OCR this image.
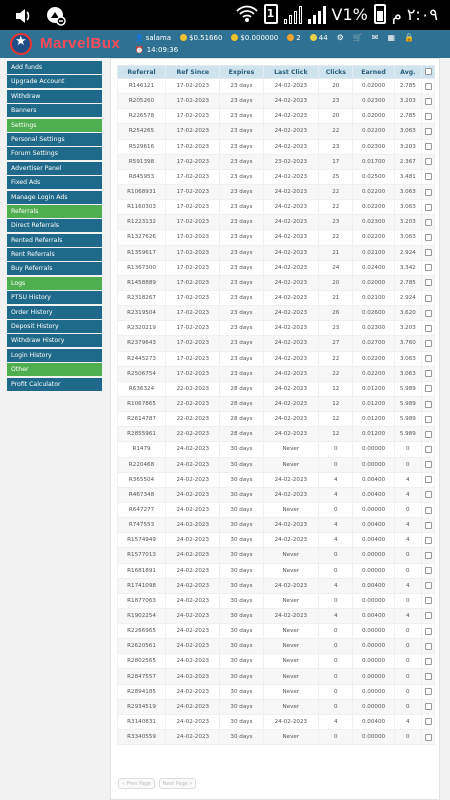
1	V1% ٢:٠٩ م
★
MarvelBux 👤 salama	$0.51660	$0.000000	2	44 ⚙ 🛒 ✉ ▦ 🔒
⏰ 14:09:36
Add funds
Upgrade Account
Withdraw
Banners
Settings
Personal Settings
Forum Settings
Advertiser Panel
Fixed Ads
Manage Login Ads
Referrals
Direct Referrals
Rented Referrals
Rent Referrals
Buy Referrals
Logs
PTSU History
Order History
Deposit History
Withdraw History
Login History
Other
Profit Calculator
Referral	Ref Since	Expires	Last Click	Clicks	Earned	Avg.	
R146121	17-02-2023	23 days	24-02-2023	20	0.02000	2.785	
R205260	17-02-2023	23 days	24-02-2023	23	0.02300	3.203	
R226578	17-02-2023	23 days	24-02-2023	20	0.02000	2.785	
R254265	17-02-2023	23 days	24-02-2023	22	0.02200	3.063	
R529616	17-02-2023	23 days	24-02-2023	23	0.02300	3.203	
R591398	17-02-2023	23 days	23-02-2023	17	0.01700	2.367	
R845953	17-02-2023	23 days	24-02-2023	25	0.02500	3.481	
R1068931	17-02-2023	23 days	24-02-2023	22	0.02200	3.063	
R1160303	17-02-2023	23 days	24-02-2023	22	0.02200	3.063	
R1223132	17-02-2023	23 days	24-02-2023	23	0.02300	3.203	
R1327626	17-02-2023	23 days	24-02-2023	22	0.02200	3.063	
R1359617	17-02-2023	23 days	24-02-2023	21	0.02100	2.924	
R1367300	17-02-2023	23 days	24-02-2023	24	0.02400	3.342	
R1458889	17-02-2023	23 days	24-02-2023	20	0.02000	2.785	
R2318267	17-02-2023	23 days	24-02-2023	21	0.02100	2.924	
R2319504	17-02-2023	23 days	24-02-2023	26	0.02600	3.620	
R2320219	17-02-2023	23 days	24-02-2023	23	0.02300	3.203	
R2379643	17-02-2023	23 days	24-02-2023	27	0.02700	3.760	
R2445273	17-02-2023	23 days	24-02-2023	22	0.02200	3.063	
R2506754	17-02-2023	23 days	24-02-2023	22	0.02200	3.063	
R636324	22-02-2023	28 days	24-02-2023	12	0.01200	5.989	
R1067865	22-02-2023	28 days	24-02-2023	12	0.01200	5.989	
R2614787	22-02-2023	28 days	24-02-2023	12	0.01200	5.989	
R2855961	22-02-2023	28 days	24-02-2023	12	0.01200	5.989	
R1479	24-02-2023	30 days	Never	0	0.00000	0	
R220468	24-02-2023	30 days	Never	0	0.00000	0	
R365504	24-02-2023	30 days	24-02-2023	4	0.00400	4	
R467348	24-02-2023	30 days	24-02-2023	4	0.00400	4	
R647277	24-02-2023	30 days	Never	0	0.00000	0	
R747553	24-02-2023	30 days	24-02-2023	4	0.00400	4	
R1574949	24-02-2023	30 days	24-02-2023	4	0.00400	4	
R1577013	24-02-2023	30 days	Never	0	0.00000	0	
R1681891	24-02-2023	30 days	Never	0	0.00000	0	
R1741098	24-02-2023	30 days	24-02-2023	4	0.00400	4	
R1877063	24-02-2023	30 days	Never	0	0.00000	0	
R1902254	24-02-2023	30 days	24-02-2023	4	0.00400	4	
R2266965	24-02-2023	30 days	Never	0	0.00000	0	
R2620561	24-02-2023	30 days	Never	0	0.00000	0	
R2802565	24-02-2023	30 days	Never	0	0.00000	0	
R2847557	24-02-2023	30 days	Never	0	0.00000	0	
R2894185	24-02-2023	30 days	Never	0	0.00000	0	
R2934519	24-02-2023	30 days	Never	0	0.00000	0	
R3140831	24-02-2023	30 days	24-02-2023	4	0.00400	4	
R3340559	24-02-2023	30 days	Never	0	0.00000	0	
« Prev Page	Next Page »
